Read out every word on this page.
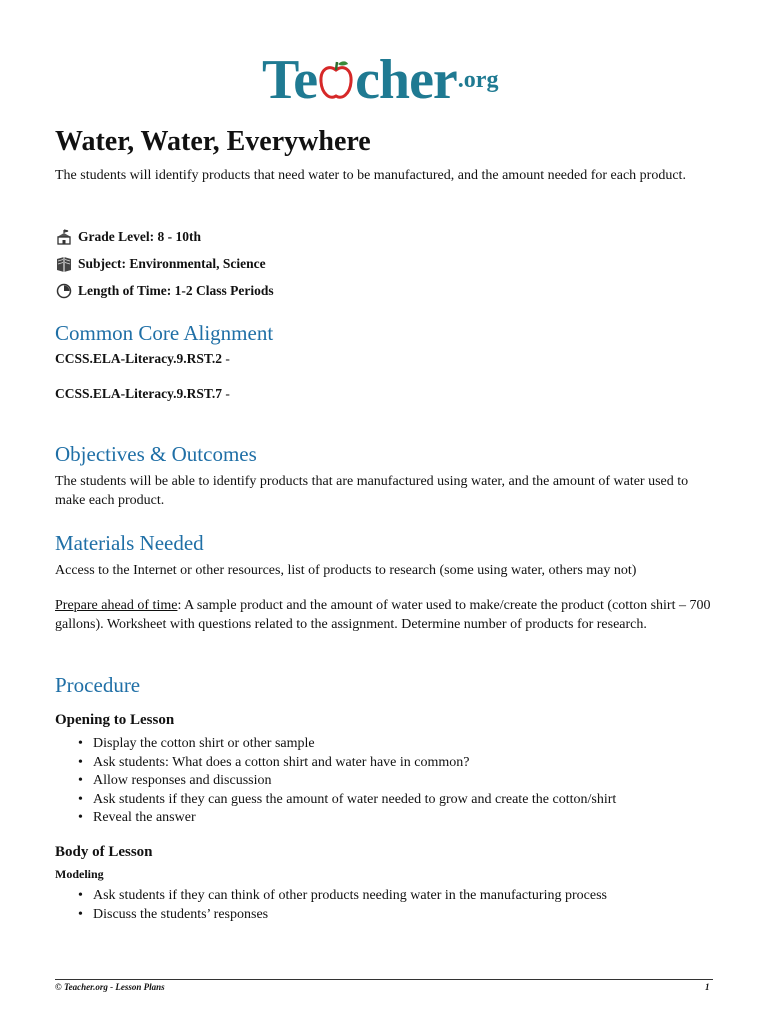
Te cher .org
Water, Water, Everywhere

The students will identify products that need water to be manufactured, and the amount needed for each product.

Grade Level: 8 - 10th
Subject: Environmental, Science
Length of Time: 1-2 Class Periods
Common Core Alignment

CCSS.ELA-Literacy.9.RST.2 -

CCSS.ELA-Literacy.9.RST.7 -

Objectives & Outcomes

The students will be able to identify products that are manufactured using water, and the amount of water used to make each product.

Materials Needed

Access to the Internet or other resources, list of products to research (some using water, others may not)

Prepare ahead of time: A sample product and the amount of water used to make/create the product (cotton shirt – 700 gallons). Worksheet with questions related to the assignment. Determine number of products for research.

Procedure
Opening to Lesson
• Display the cotton shirt or other sample
• Ask students: What does a cotton shirt and water have in common?
• Allow responses and discussion
• Ask students if they can guess the amount of water needed to grow and create the cotton/shirt
• Reveal the answer
Body of Lesson
Modeling
• Ask students if they can think of other products needing water in the manufacturing process
• Discuss the students’ responses
© Teacher.org - Lesson Plans	1
